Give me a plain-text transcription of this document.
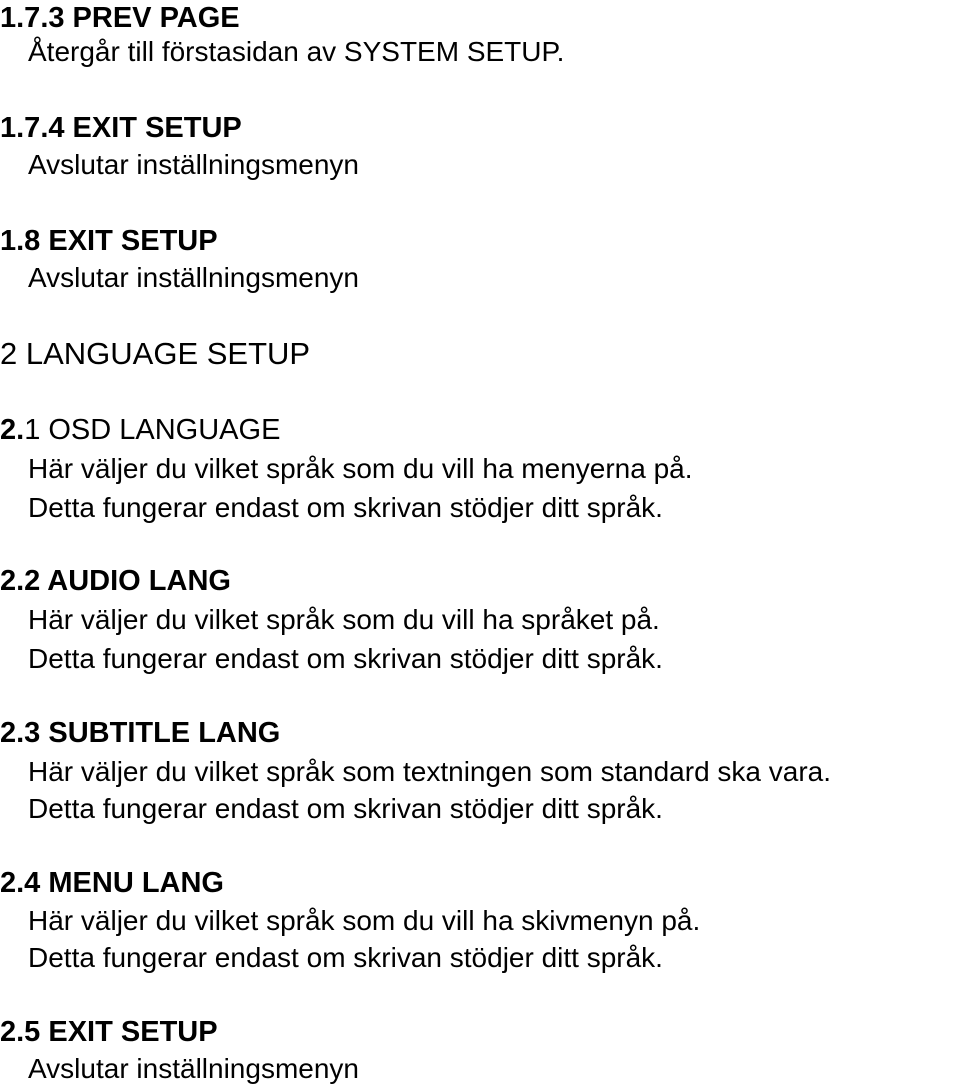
1.7.3 PREV PAGE
Återgår till förstasidan av SYSTEM SETUP.
1.7.4 EXIT SETUP
Avslutar inställningsmenyn
1.8 EXIT SETUP
Avslutar inställningsmenyn
2 LANGUAGE SETUP
2.1 OSD LANGUAGE
Här väljer du vilket språk som du vill ha menyerna på.
Detta fungerar endast om skrivan stödjer ditt språk.
2.2 AUDIO LANG
Här väljer du vilket språk som du vill ha språket på.
Detta fungerar endast om skrivan stödjer ditt språk.
2.3 SUBTITLE LANG
Här väljer du vilket språk som textningen som standard ska vara.
Detta fungerar endast om skrivan stödjer ditt språk.
2.4 MENU LANG
Här väljer du vilket språk som du vill ha skivmenyn på.
Detta fungerar endast om skrivan stödjer ditt språk.
2.5 EXIT SETUP
Avslutar inställningsmenyn
